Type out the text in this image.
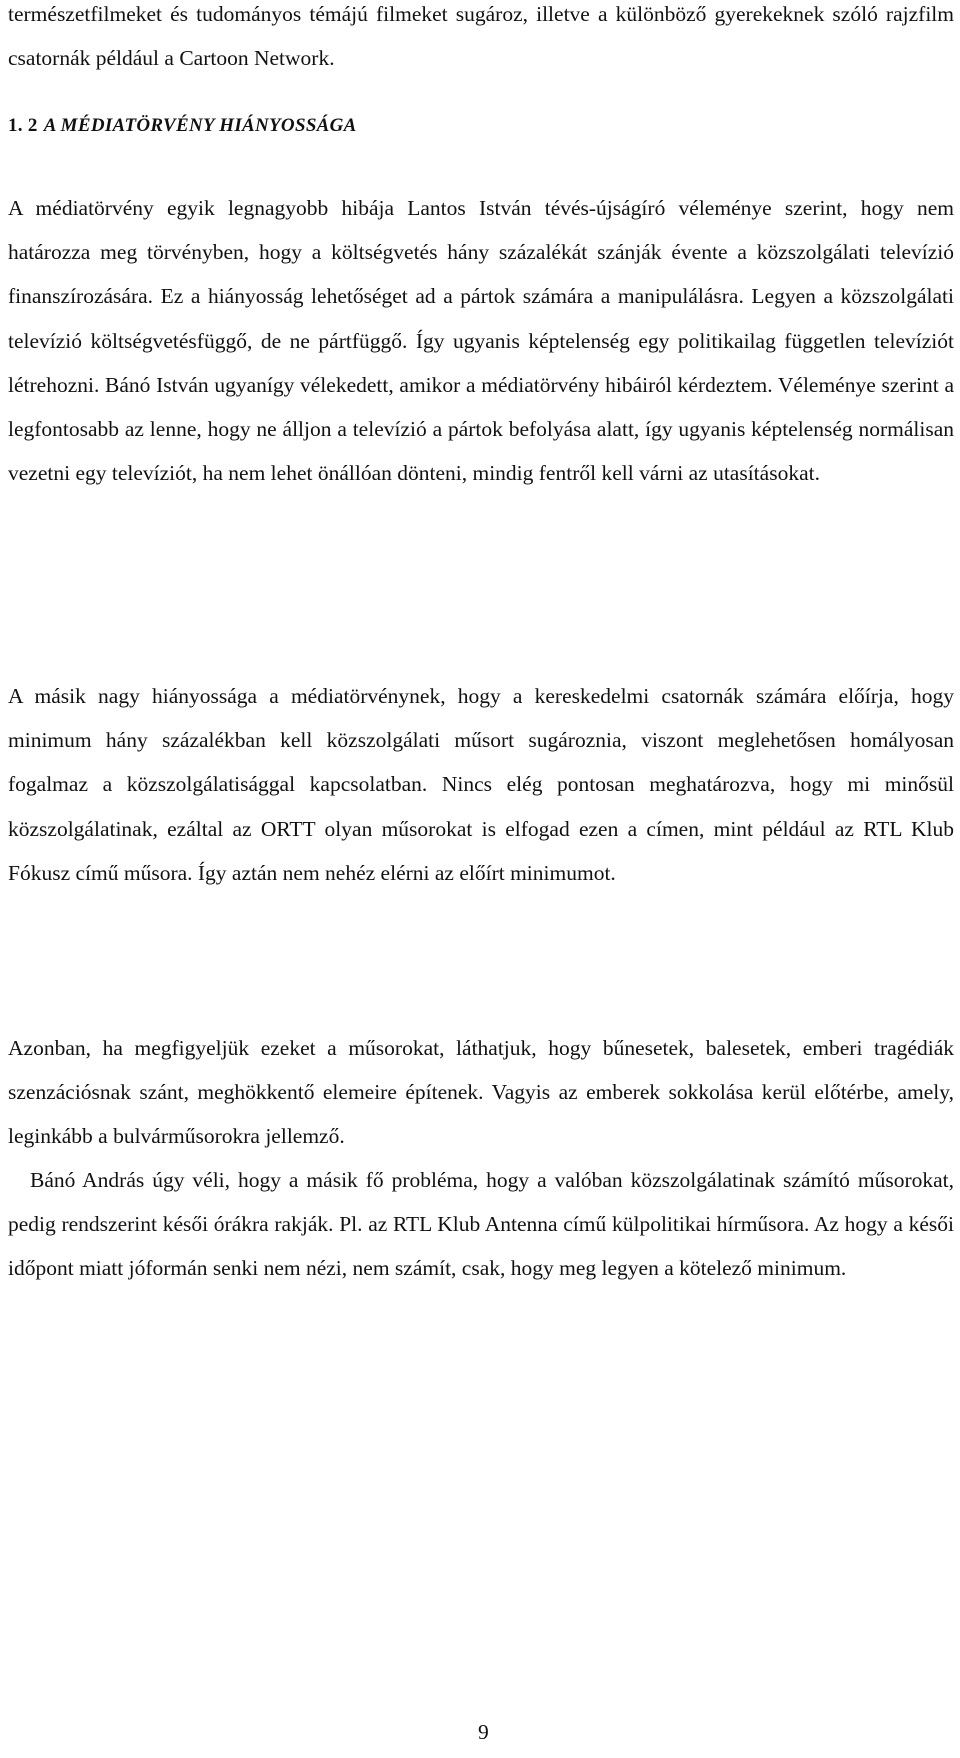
természetfilmeket és tudományos témájú filmeket sugároz, illetve a különböző gyerekeknek szóló rajzfilm csatornák például a Cartoon Network.

1. 2 A MÉDIATÖRVÉNY HIÁNYOSSÁGA

A médiatörvény egyik legnagyobb hibája Lantos István tévés-újságíró véleménye szerint, hogy nem határozza meg törvényben, hogy a költségvetés hány százalékát szánják évente a közszolgálati televízió finanszírozására. Ez a hiányosság lehetőséget ad a pártok számára a manipulálásra. Legyen a közszolgálati televízió költségvetésfüggő, de ne pártfüggő. Így ugyanis képtelenség egy politikailag független televíziót létrehozni. Bánó István ugyanígy vélekedett, amikor a médiatörvény hibáiról kérdeztem. Véleménye szerint a legfontosabb az lenne, hogy ne álljon a televízió a pártok befolyása alatt, így ugyanis képtelenség normálisan vezetni egy televíziót, ha nem lehet önállóan dönteni, mindig fentről kell várni az utasításokat.

A másik nagy hiányossága a médiatörvénynek, hogy a kereskedelmi csatornák számára előírja, hogy minimum hány százalékban kell közszolgálati műsort sugároznia, viszont meglehetősen homályosan fogalmaz a közszolgálatisággal kapcsolatban. Nincs elég pontosan meghatározva, hogy mi minősül közszolgálatinak, ezáltal az ORTT olyan műsorokat is elfogad ezen a címen, mint például az RTL Klub Fókusz című műsora. Így aztán nem nehéz elérni az előírt minimumot.

Azonban, ha megfigyeljük ezeket a műsorokat, láthatjuk, hogy bűnesetek, balesetek, emberi tragédiák szenzációsnak szánt, meghökkentő elemeire építenek. Vagyis az emberek sokkolása kerül előtérbe, amely, leginkább a bulvárműsorokra jellemző.

Bánó András úgy véli, hogy a másik fő probléma, hogy a valóban közszolgálatinak számító műsorokat, pedig rendszerint késői órákra rakják. Pl. az RTL Klub Antenna című külpolitikai hírműsora. Az hogy a késői időpont miatt jóformán senki nem nézi, nem számít, csak, hogy meg legyen a kötelező minimum.

9
